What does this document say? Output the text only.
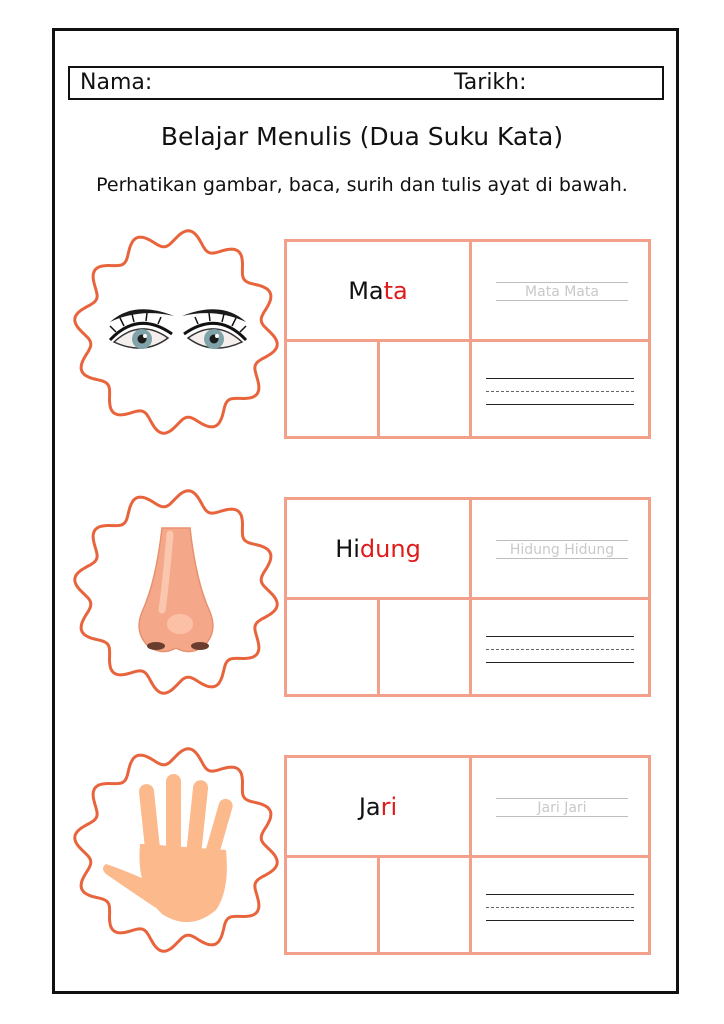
Nama:	Tarikh:
Belajar Menulis (Dua Suku Kata)
Perhatikan gambar, baca, surih dan tulis ayat di bawah.
Ma ta	Mata Mata
Hi dung	Hidung Hidung
Ja ri	Jari Jari
